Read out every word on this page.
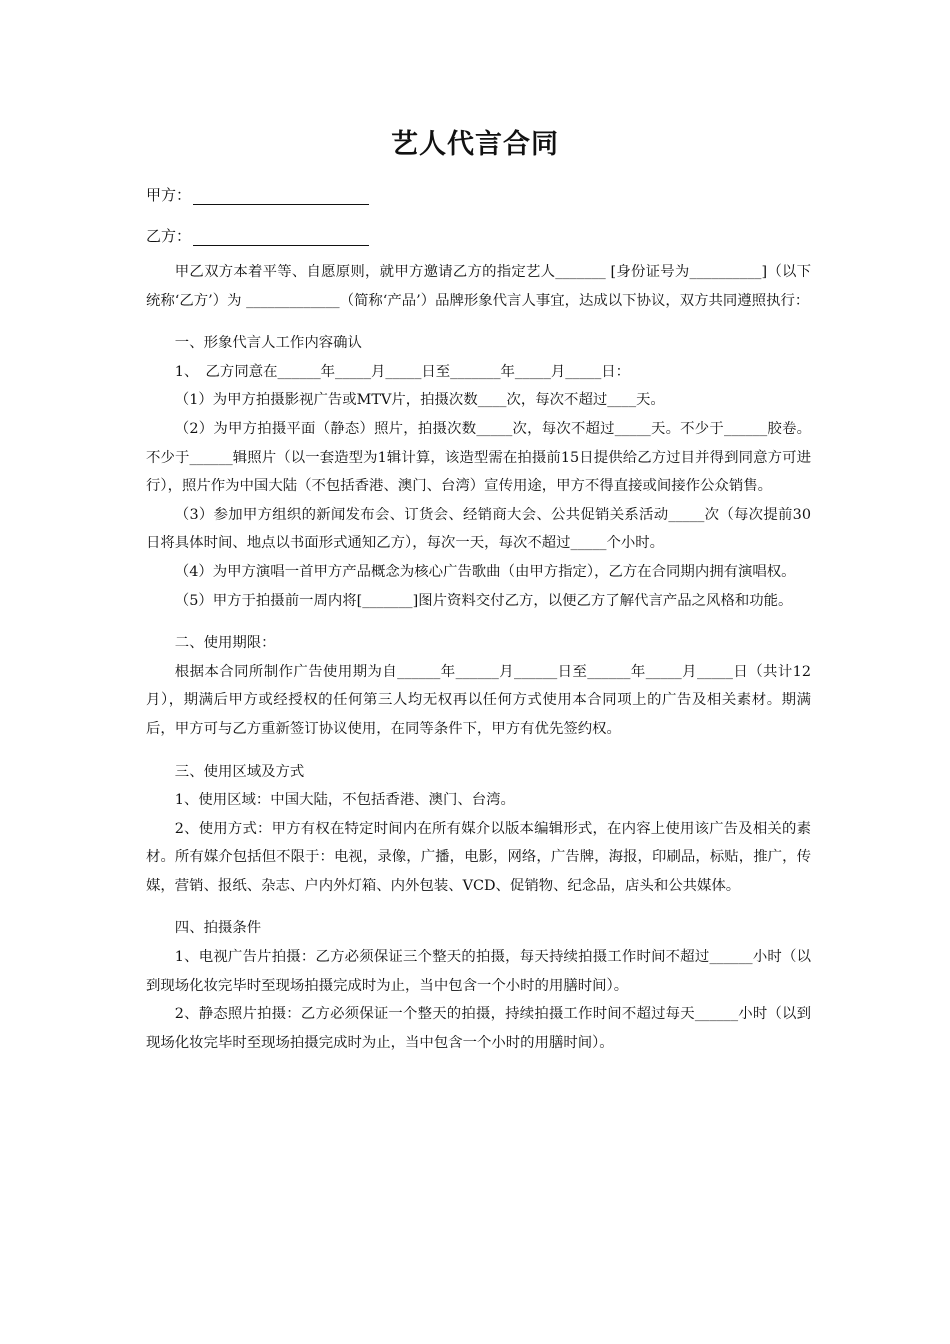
艺人代言合同
甲方：
乙方：

甲乙双方本着平等、自愿原则，就甲方邀请乙方的指定艺人_______ [身份证号为__________]（以下统称‘乙方’）为 _____________（简称‘产品’）品牌形象代言人事宜，达成以下协议，双方共同遵照执行：

一、形象代言人工作内容确认

1、　乙方同意在______年_____月_____日至_______年_____月_____日：

（1）为甲方拍摄影视广告或MTV片，拍摄次数____次，每次不超过____天。

（2）为甲方拍摄平面（静态）照片，拍摄次数_____次，每次不超过_____天。不少于______胶卷。不少于______辑照片（以一套造型为1辑计算，该造型需在拍摄前15日提供给乙方过目并得到同意方可进行），照片作为中国大陆（不包括香港、澳门、台湾）宣传用途，甲方不得直接或间接作公众销售。

（3）参加甲方组织的新闻发布会、订货会、经销商大会、公共促销关系活动_____次（每次提前30日将具体时间、地点以书面形式通知乙方），每次一天，每次不超过_____个小时。

（4）为甲方演唱一首甲方产品概念为核心广告歌曲（由甲方指定），乙方在合同期内拥有演唱权。

（5）甲方于拍摄前一周内将[_______]图片资料交付乙方，以便乙方了解代言产品之风格和功能。

二、使用期限：

根据本合同所制作广告使用期为自______年______月______日至______年_____月_____日（共计12月），期满后甲方或经授权的任何第三人均无权再以任何方式使用本合同项上的广告及相关素材。期满后，甲方可与乙方重新签订协议使用，在同等条件下，甲方有优先签约权。

三、使用区域及方式

1、使用区域：中国大陆，不包括香港、澳门、台湾。

2、使用方式：甲方有权在特定时间内在所有媒介以版本编辑形式，在内容上使用该广告及相关的素材。所有媒介包括但不限于：电视，录像，广播，电影，网络，广告牌，海报，印刷品，标贴，推广，传媒，营销、报纸、杂志、户内外灯箱、内外包装、VCD、促销物、纪念品，店头和公共媒体。

四、拍摄条件

1、电视广告片拍摄：乙方必须保证三个整天的拍摄，每天持续拍摄工作时间不超过______小时（以到现场化妆完毕时至现场拍摄完成时为止，当中包含一个小时的用膳时间）。

2、静态照片拍摄：乙方必须保证一个整天的拍摄，持续拍摄工作时间不超过每天______小时（以到现场化妆完毕时至现场拍摄完成时为止，当中包含一个小时的用膳时间）。
